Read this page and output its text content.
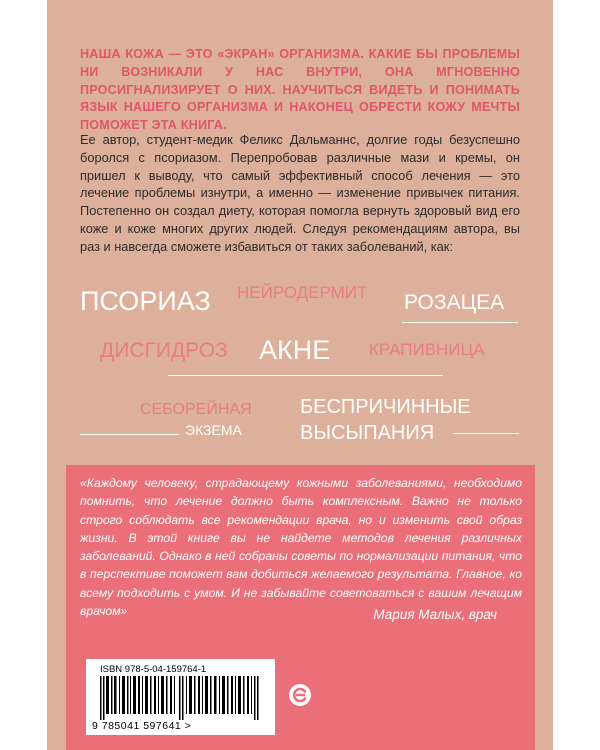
НАША КОЖА — ЭТО «ЭКРАН» ОРГАНИЗМА. КАКИЕ БЫ ПРОБЛЕМЫ НИ ВОЗНИКАЛИ У НАС ВНУТРИ, ОНА МГНОВЕННО ПРОСИГНАЛИЗИРУЕТ О НИХ. НАУЧИТЬСЯ ВИДЕТЬ И ПОНИМАТЬ ЯЗЫК НАШЕГО ОРГАНИЗМА И НАКОНЕЦ ОБРЕСТИ КОЖУ МЕЧТЫ ПОМОЖЕТ ЭТА КНИГА.

Ее автор, студент-медик Феликс Дальманнс, долгие годы безуспешно боролся с псориазом. Перепробовав различные мази и кремы, он пришел к выводу, что самый эффективный способ лечения — это лечение проблемы изнутри, а именно — изменение привычек питания. Постепенно он создал диету, которая помогла вернуть здоровый вид его коже и коже многих других людей. Следуя рекомендациям автора, вы раз и навсегда сможете избавиться от таких заболеваний, как:

ПСОРИАЗ НЕЙРОДЕРМИТ РОЗАЦЕА
ДИСГИДРОЗ АКНЕ КРАПИВНИЦА
СЕБОРЕЙНАЯ
ЭКЗЕМА
БЕСПРИЧИННЫЕ
ВЫСЫПАНИЯ

«Каждому человеку, страдающему кожными заболеваниями, необходимо помнить, что лечение должно быть комплексным. Важно не только строго соблюдать все рекомендации врача, но и изменить свой образ жизни. В этой книге вы не найдете методов лечения различных заболеваний. Однако в ней собраны советы по нормализации питания, что в перспективе поможет вам добиться желаемого результата. Главное, ко всему подходить с умом. И не забывайте советоваться с вашим лечащим врачом»	Мария Малых, врач
ISBN 978-5-04-159764-1
9 785041 597641 >
